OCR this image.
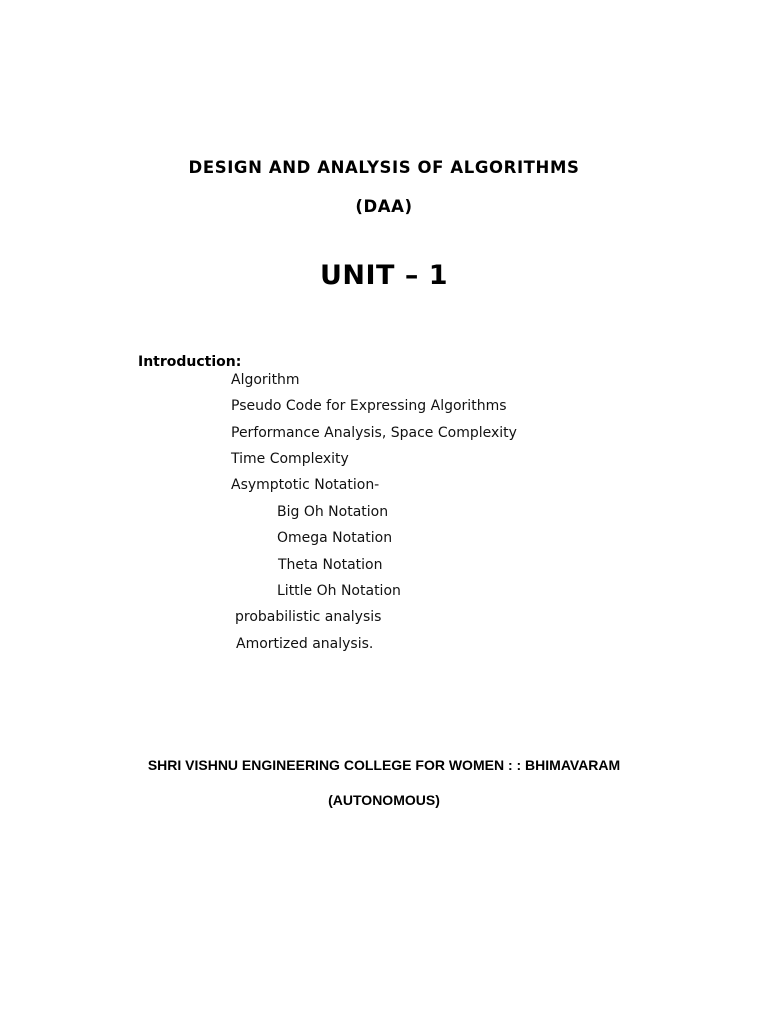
DESIGN AND ANALYSIS OF ALGORITHMS
(DAA)
UNIT – 1
Introduction:
Algorithm
Pseudo Code for Expressing Algorithms
Performance Analysis, Space Complexity
Time Complexity
Asymptotic Notation-
Big Oh Notation
Omega Notation
Theta Notation
Little Oh Notation
probabilistic analysis
Amortized analysis.
SHRI VISHNU ENGINEERING COLLEGE FOR WOMEN : : BHIMAVARAM
(AUTONOMOUS)
